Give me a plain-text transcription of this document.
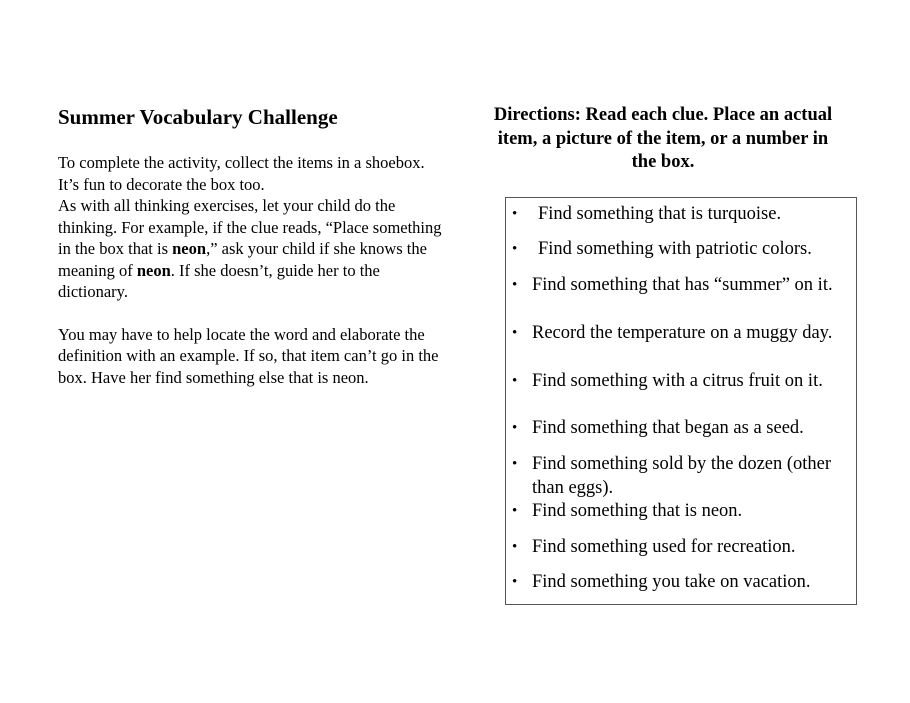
Summer Vocabulary Challenge

To complete the activity, collect the items in a shoebox. It’s fun to decorate the box too.
As with all thinking exercises, let your child do the thinking. For example, if the clue reads, “Place something in the box that is neon,” ask your child if she knows the meaning of neon. If she doesn’t, guide her to the dictionary.

You may have to help locate the word and elaborate the definition with an example. If so, that item can’t go in the box. Have her find something else that is neon.

Directions: Read each clue. Place an actual item, a picture of the item, or a number in the box.

• Find something that is turquoise.
• Find something with patriotic colors.
• Find something that has “summer” on it.
• Record the temperature on a muggy day.
• Find something with a citrus fruit on it.
• Find something that began as a seed.
• Find something sold by the dozen (other than eggs).
• Find something that is neon.
• Find something used for recreation.
• Find something you take on vacation.
